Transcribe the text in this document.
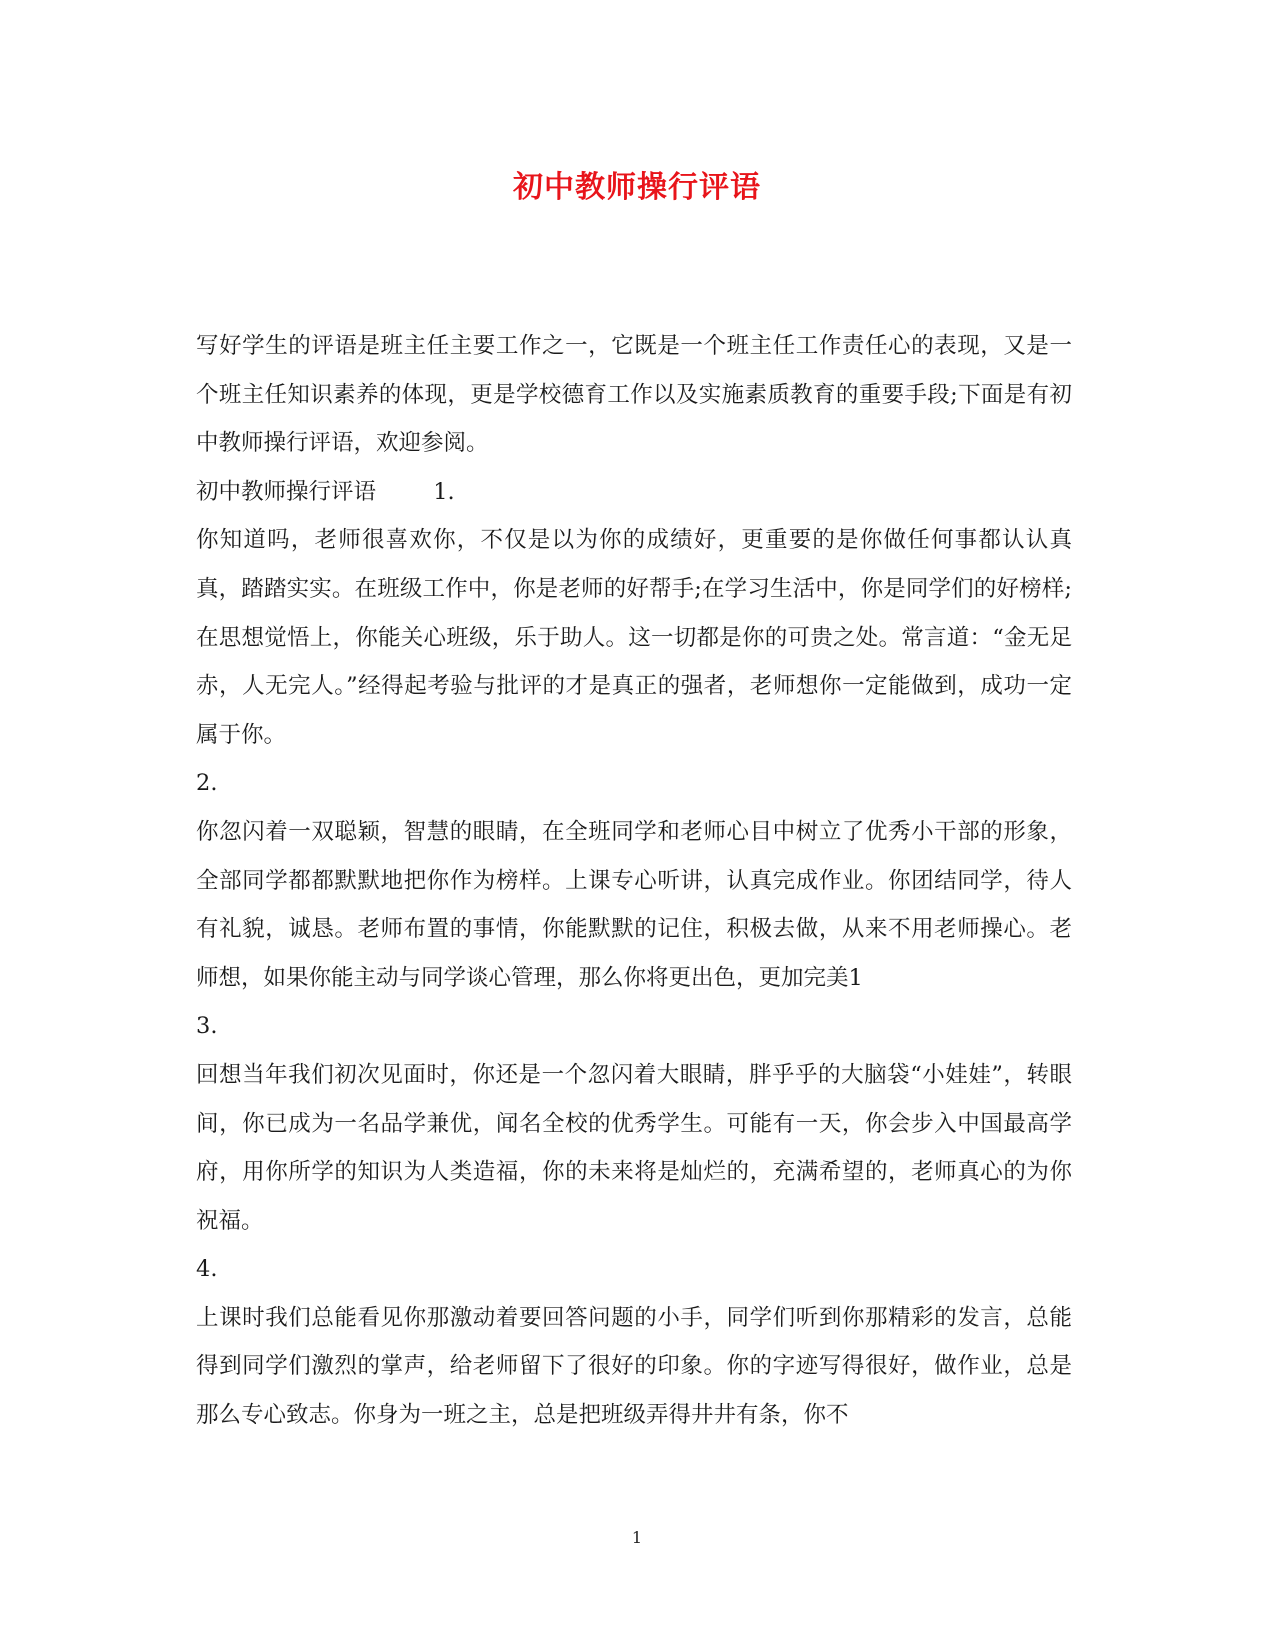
初中教师操行评语

写好学生的评语是班主任主要工作之一，它既是一个班主任工作责任心的表现，又是一个班主任知识素养的体现，更是学校德育工作以及实施素质教育的重要手段;下面是有初中教师操行评语，欢迎参阅。

初中教师操行评语	1.

你知道吗，老师很喜欢你，不仅是以为你的成绩好，更重要的是你做任何事都认认真真，踏踏实实。在班级工作中，你是老师的好帮手;在学习生活中，你是同学们的好榜样;在思想觉悟上，你能关心班级，乐于助人。这一切都是你的可贵之处。常言道：“金无足赤，人无完人。”经得起考验与批评的才是真正的强者，老师想你一定能做到，成功一定属于你。

2.

你忽闪着一双聪颖，智慧的眼睛，在全班同学和老师心目中树立了优秀小干部的形象，全部同学都都默默地把你作为榜样。上课专心听讲，认真完成作业。你团结同学，待人有礼貌，诚恳。老师布置的事情，你能默默的记住，积极去做，从来不用老师操心。老师想，如果你能主动与同学谈心管理，那么你将更出色，更加完美1

3.

回想当年我们初次见面时，你还是一个忽闪着大眼睛，胖乎乎的大脑袋“小娃娃”，转眼间，你已成为一名品学兼优，闻名全校的优秀学生。可能有一天，你会步入中国最高学府，用你所学的知识为人类造福，你的未来将是灿烂的，充满希望的，老师真心的为你祝福。

4.

上课时我们总能看见你那激动着要回答问题的小手，同学们听到你那精彩的发言，总能得到同学们激烈的掌声，给老师留下了很好的印象。你的字迹写得很好，做作业，总是那么专心致志。你身为一班之主，总是把班级弄得井井有条，你不

1
